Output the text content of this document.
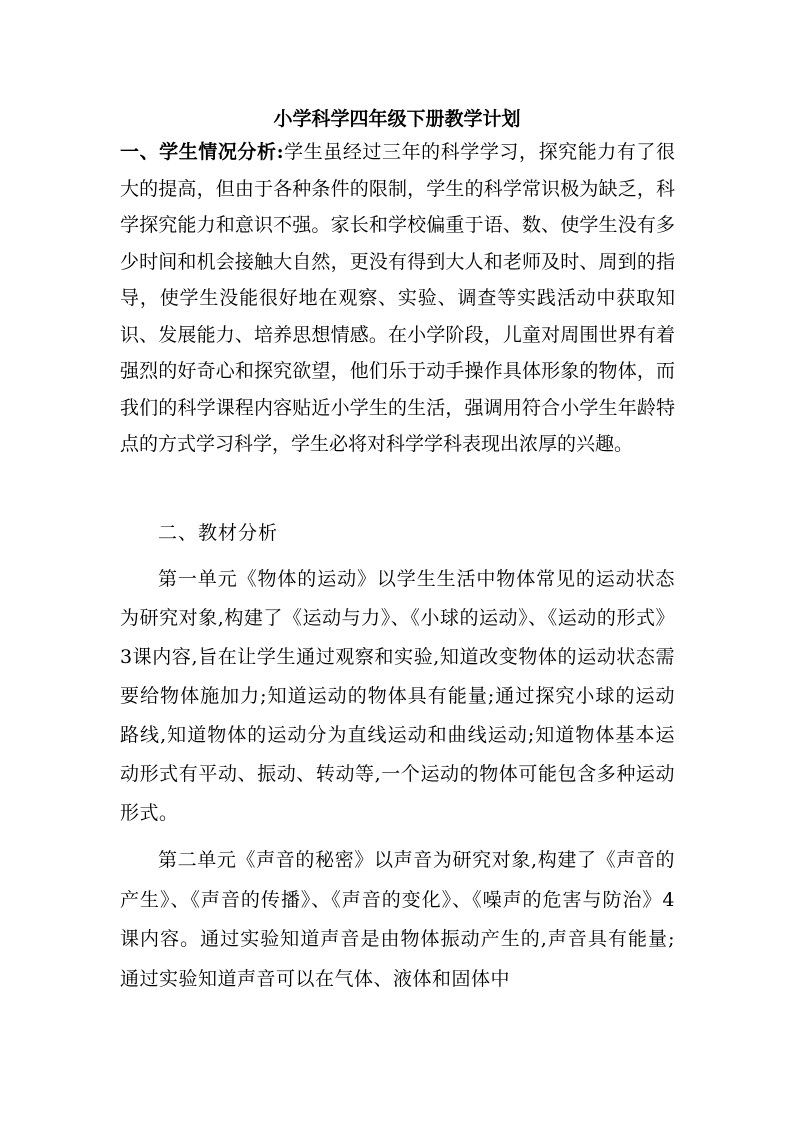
小学科学四年级下册教学计划
一、学生情况分析:学生虽经过三年的科学学习，探究能力有了很大的提高，但由于各种条件的限制，学生的科学常识极为缺乏，科学探究能力和意识不强。家长和学校偏重于语、数、使学生没有多少时间和机会接触大自然，更没有得到大人和老师及时、周到的指导，使学生没能很好地在观察、实验、调查等实践活动中获取知识、发展能力、培养思想情感。在小学阶段，儿童对周围世界有着强烈的好奇心和探究欲望，他们乐于动手操作具体形象的物体，而我们的科学课程内容贴近小学生的生活，强调用符合小学生年龄特点的方式学习科学，学生必将对科学学科表现出浓厚的兴趣。
二、教材分析
第一单元《物体的运动》以学生生活中物体常见的运动状态为研究对象,构建了《运动与力》、《小球的运动》、《运动的形式》3课内容,旨在让学生通过观察和实验,知道改变物体的运动状态需要给物体施加力;知道运动的物体具有能量;通过探究小球的运动路线,知道物体的运动分为直线运动和曲线运动;知道物体基本运动形式有平动、振动、转动等,一个运动的物体可能包含多种运动形式。
第二单元《声音的秘密》以声音为研究对象,构建了《声音的产生》、《声音的传播》、《声音的变化》、《噪声的危害与防治》4课内容。通过实验知道声音是由物体振动产生的,声音具有能量;通过实验知道声音可以在气体、液体和固体中
